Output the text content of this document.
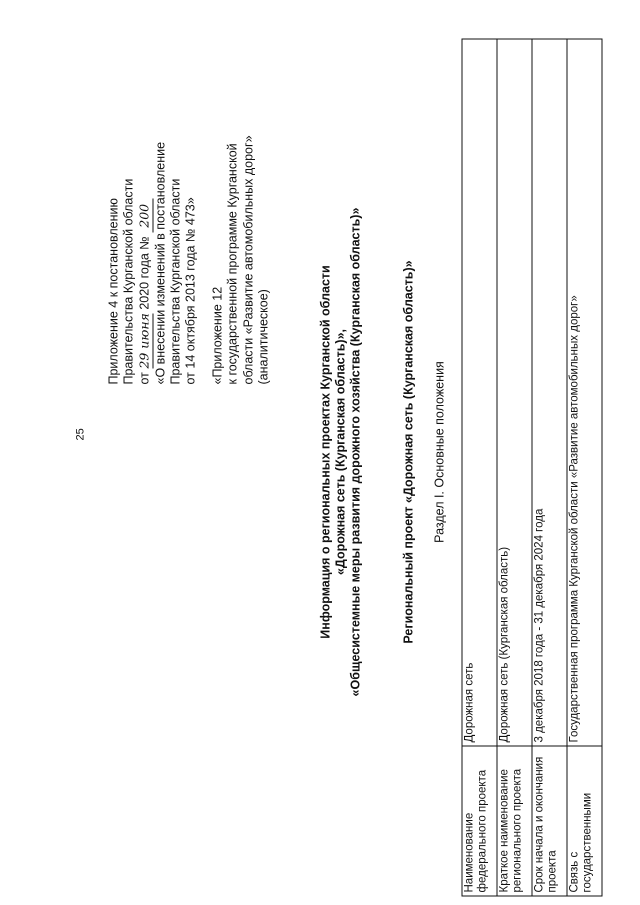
25
Приложение 4 к постановлению Правительства Курганской области от 29 июня 2020 года № 200 «О внесении изменений в постановление Правительства Курганской области от 14 октября 2013 года № 473» «Приложение 12 к государственной программе Курганской области «Развитие автомобильных дорог» (аналитическое)	Информация о региональных проектах Курганской области «Дорожная сеть (Курганская область)», «Общесистемные меры развития дорожного хозяйства (Курганская область)»	Региональный проект «Дорожная сеть (Курганская область)» Раздел I. Основные положения
Наименование федерального проекта	Дорожная сеть
Краткое наименование регионального проекта	Дорожная сеть (Курганская область)
Срок начала и окончания проекта	3 декабря 2018 года - 31 декабря 2024 года
Связь с государственными	Государственная программа Курганской области «Развитие автомобильных дорог»
